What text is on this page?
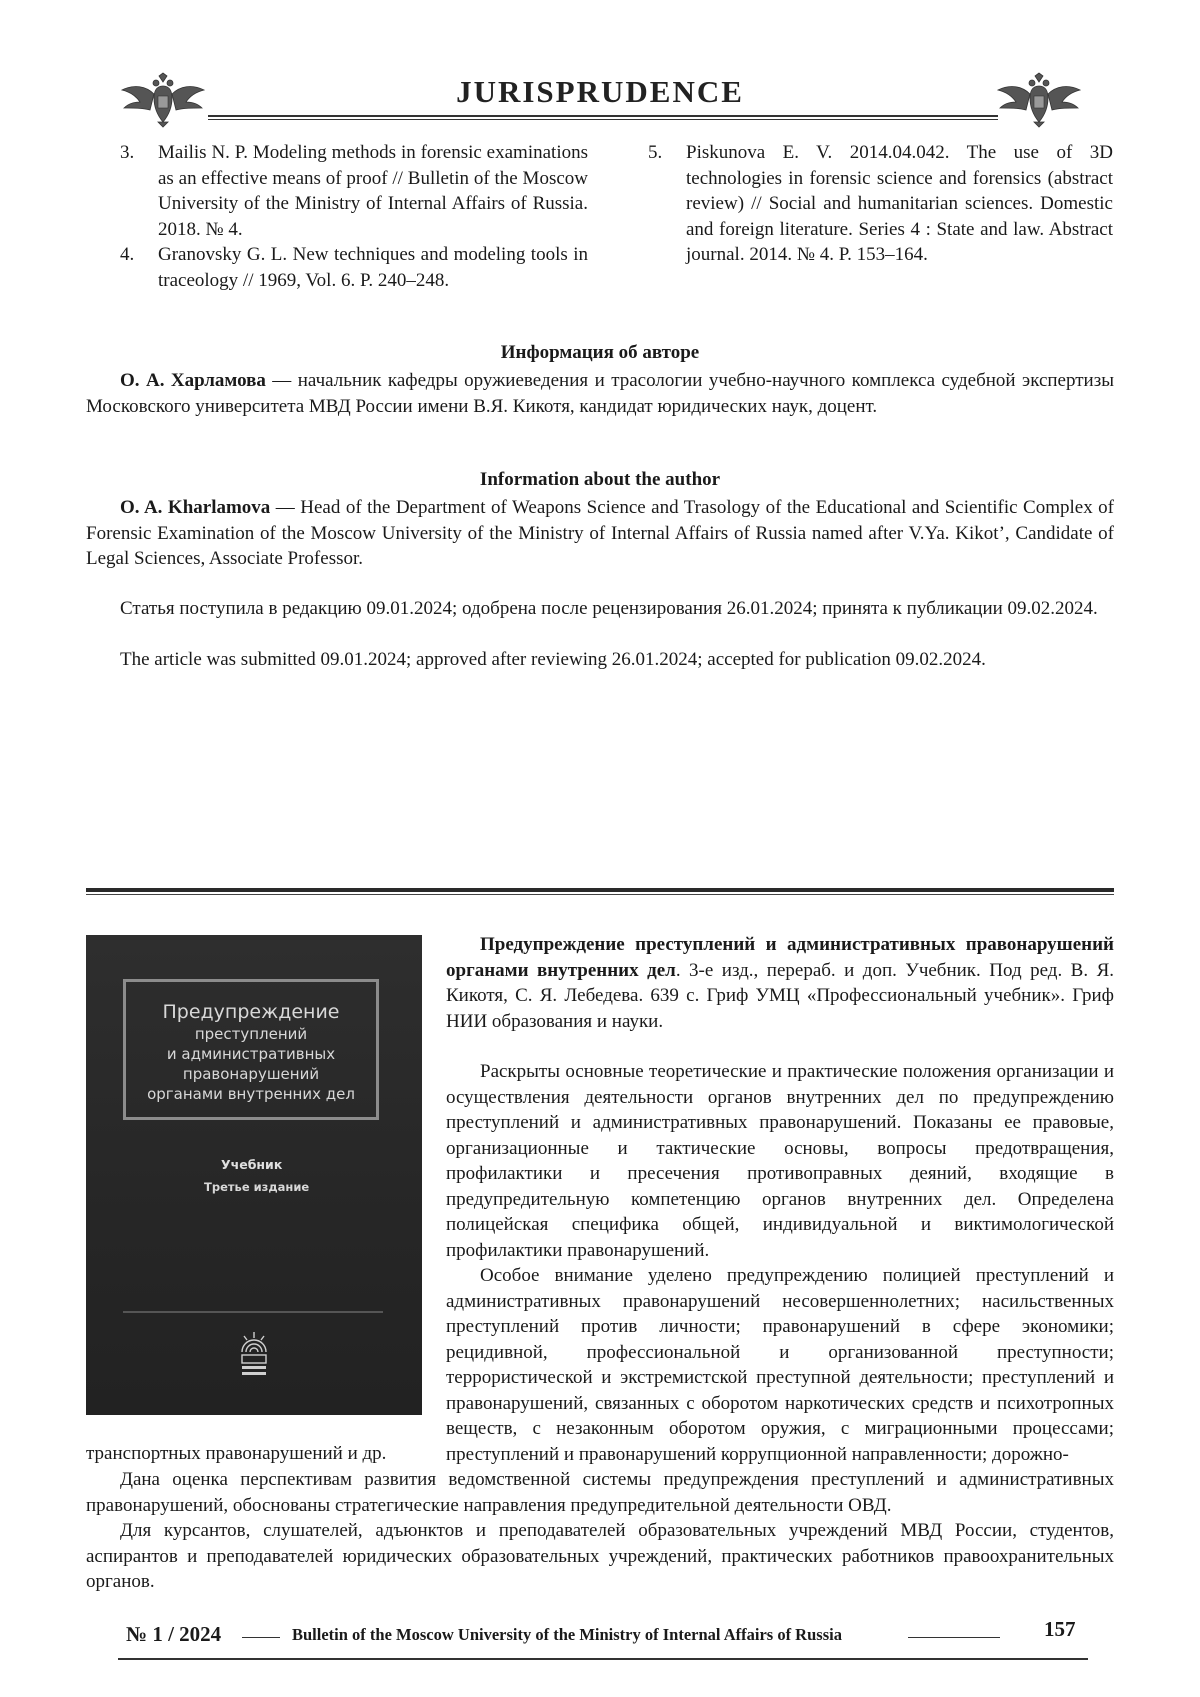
JURISPRUDENCE
3.	Mailis N. P. Modeling methods in forensic examinations as an effective means of proof // Bulletin of the Moscow University of the Ministry of Internal Affairs of Russia. 2018. № 4.
4.	Granovsky G. L. New techniques and modeling tools in traceology // 1969, Vol. 6. P. 240–248.
5.	Piskunova E. V. 2014.04.042. The use of 3D technologies in forensic science and forensics (abstract review) // Social and humanitarian sciences. Domestic and foreign literature. Series 4 : State and law. Abstract journal. 2014. № 4. P. 153–164.
Информация об авторе
О. А. Харламова — начальник кафедры оружиеведения и трасологии учебно-научного комплекса судебной экспертизы Московского университета МВД России имени В.Я. Кикотя, кандидат юридических наук, доцент.
Information about the author
O. A. Kharlamova — Head of the Department of Weapons Science and Trasology of the Educational and Scientific Complex of Forensic Examination of the Moscow University of the Ministry of Internal Affairs of Russia named after V.Ya. Kikot’, Candidate of Legal Sciences, Associate Professor.
Статья поступила в редакцию 09.01.2024; одобрена после рецензирования 26.01.2024; принята к публикации 09.02.2024.
The article was submitted 09.01.2024; approved after reviewing 26.01.2024; accepted for publication 09.02.2024.
Предупреждение
преступлений
и административных
правонарушений
органами внутренних дел
Учебник
Третье издание
Предупреждение преступлений и административных правонарушений органами внутренних дел. 3-е изд., перераб. и доп. Учебник. Под ред. В. Я. Кикотя, С. Я. Лебедева. 639 с. Гриф УМЦ «Профессиональный учебник». Гриф НИИ образования и науки.
Раскрыты основные теоретические и практические положения организации и осуществления деятельности органов внутренних дел по предупреждению преступлений и административных правонарушений. Показаны ее правовые, организационные и тактические основы, вопросы предотвращения, профилактики и пресечения противоправных деяний, входящие в предупредительную компетенцию органов внутренних дел. Определена полицейская специфика общей, индивидуальной и виктимологической профилактики правонарушений.
Особое внимание уделено предупреждению полицией преступлений и административных правонарушений несовершеннолетних; насильственных преступлений против личности; правонарушений в сфере экономики; рецидивной, профессиональной и организованной преступности; террористической и экстремистской преступной деятельности; преступлений и правонарушений, связанных с оборотом наркотических средств и психотропных веществ, с незаконным оборотом оружия, с миграционными процессами; преступлений и правонарушений коррупционной направленности; дорожно-
транспортных правонарушений и др.
Дана оценка перспективам развития ведомственной системы предупреждения преступлений и административных правонарушений, обоснованы стратегические направления предупредительной деятельности ОВД.
Для курсантов, слушателей, адъюнктов и преподавателей образовательных учреждений МВД России, студентов, аспирантов и преподавателей юридических образовательных учреждений, практических работников правоохранительных органов.
№ 1 / 2024	Bulletin of the Moscow University of the Ministry of Internal Affairs of Russia	157
